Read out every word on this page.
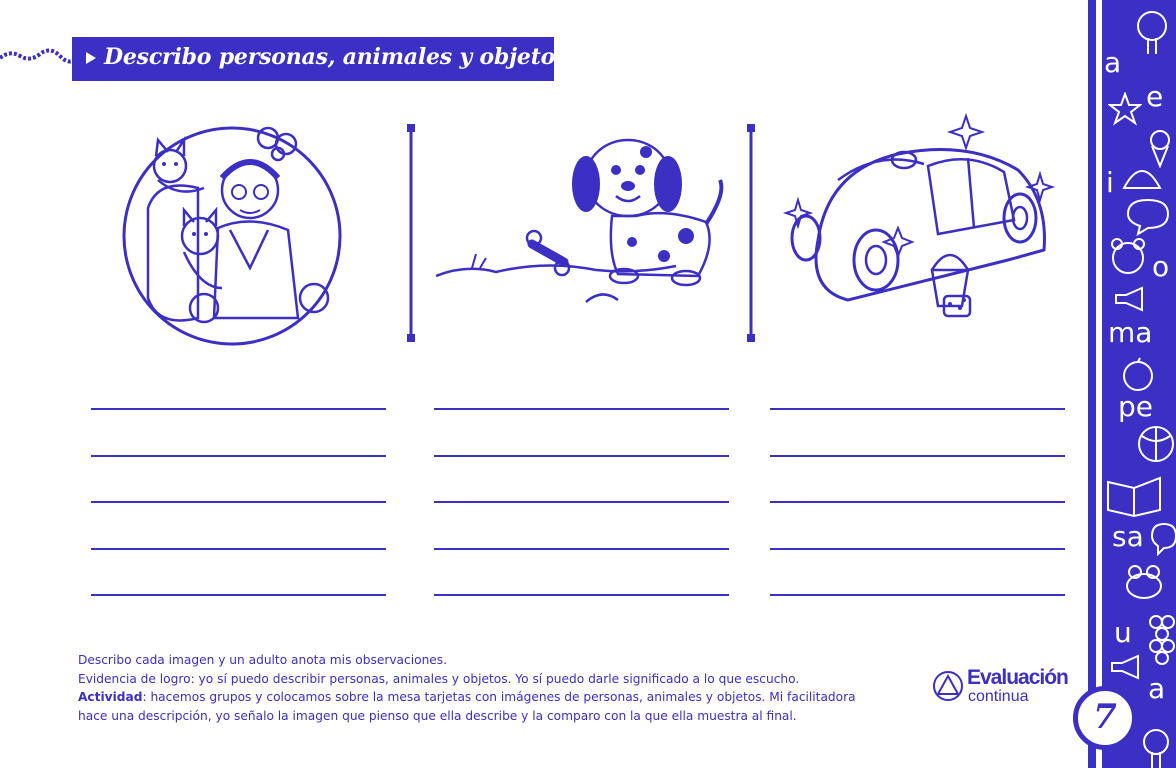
Describo personas, animales y objetos
Describo cada imagen y un adulto anota mis observaciones.
Evidencia de logro: yo sí puedo describir personas, animales y objetos. Yo sí puedo darle significado a lo que escucho.
Actividad: hacemos grupos y colocamos sobre la mesa tarjetas con imágenes de personas, animales y objetos. Mi facilitadora
hace una descripción, yo señalo la imagen que pienso que ella describe y la comparo con la que ella muestra al final.
Evaluación
continua
a
e
i
o
ma
pe
sa
u
a
7
